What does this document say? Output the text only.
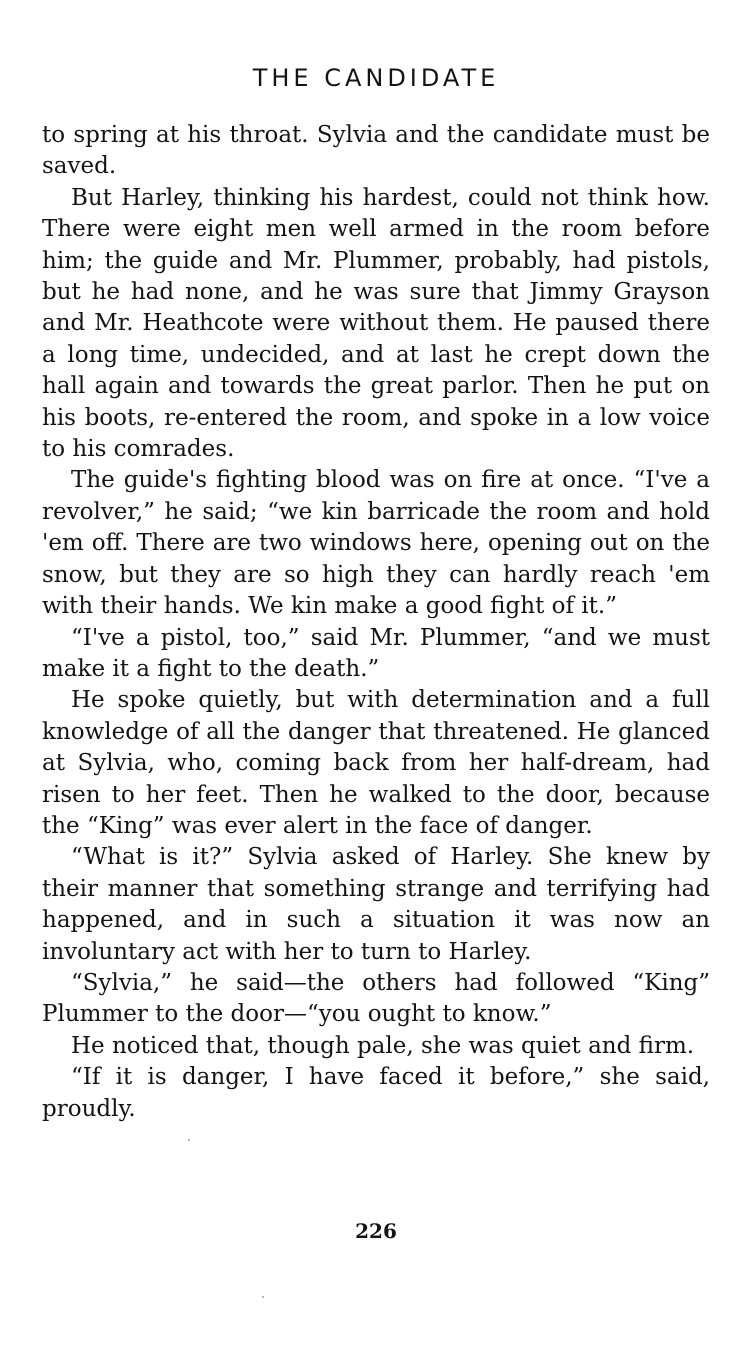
THE CANDIDATE

to spring at his throat. Sylvia and the candidate must be saved.

But Harley, thinking his hardest, could not think how. There were eight men well armed in the room before him; the guide and Mr. Plummer, probably, had pistols, but he had none, and he was sure that Jimmy Grayson and Mr. Heathcote were without them. He paused there a long time, undecided, and at last he crept down the hall again and towards the great parlor. Then he put on his boots, re-entered the room, and spoke in a low voice to his comrades.

The guide's fighting blood was on fire at once. “I've a revolver,” he said; “we kin barricade the room and hold 'em off. There are two windows here, opening out on the snow, but they are so high they can hardly reach 'em with their hands. We kin make a good fight of it.”

“I've a pistol, too,” said Mr. Plummer, “and we must make it a fight to the death.”

He spoke quietly, but with determination and a full knowledge of all the danger that threatened. He glanced at Sylvia, who, coming back from her half-dream, had risen to her feet. Then he walked to the door, because the “King” was ever alert in the face of danger.

“What is it?” Sylvia asked of Harley. She knew by their manner that something strange and terrifying had happened, and in such a situation it was now an involuntary act with her to turn to Harley.

“Sylvia,” he said—the others had followed “King” Plummer to the door—“you ought to know.”

He noticed that, though pale, she was quiet and firm.

“If it is danger, I have faced it before,” she said, proudly.

226
